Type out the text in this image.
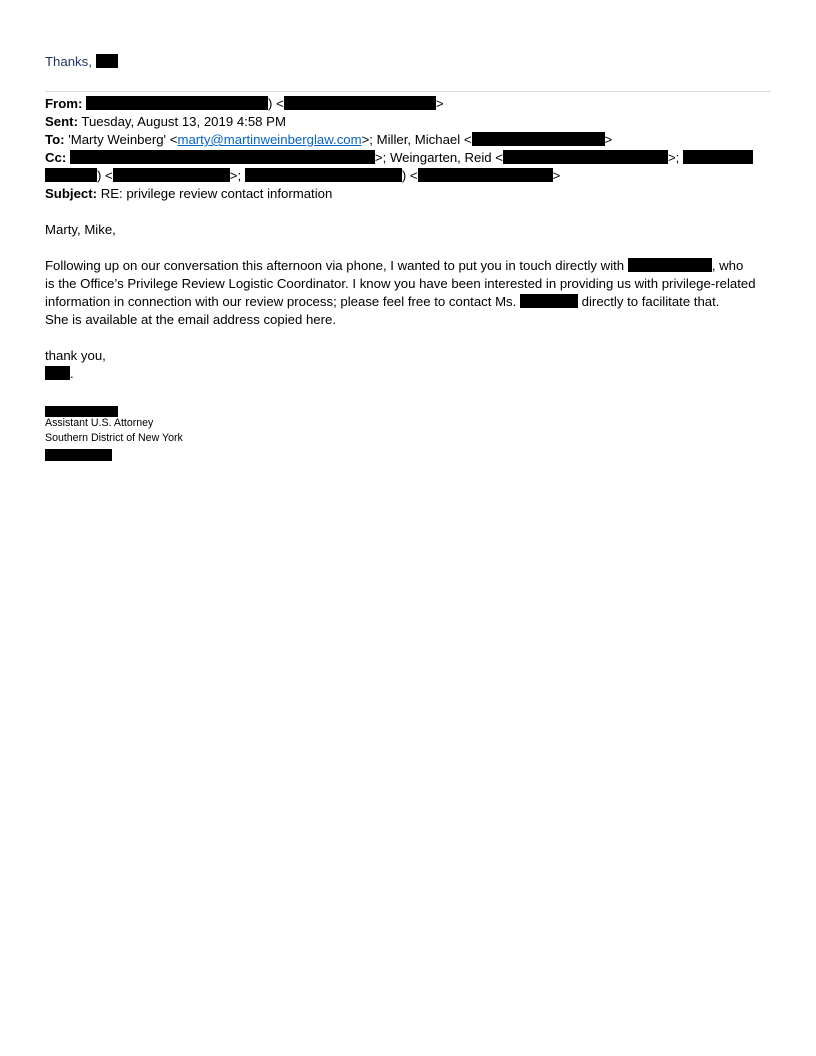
Thanks,
From:	) <	>
Sent: Tuesday, August 13, 2019 4:58 PM
To: 'Marty Weinberg' <marty@martinweinberglaw.com>; Miller, Michael <	>
Cc:	>; Weingarten, Reid <	>;
) <	>;	) <	>
Subject: RE: privilege review contact information
Marty, Mike,
Following up on our conversation this afternoon via phone, I wanted to put you in touch directly with	, who
is the Office’s Privilege Review Logistic Coordinator. I know you have been interested in providing us with privilege-related
information in connection with our review process; please feel free to contact Ms.	directly to facilitate that.
She is available at the email address copied here.
thank you,
.
Assistant U.S. Attorney
Southern District of New York
